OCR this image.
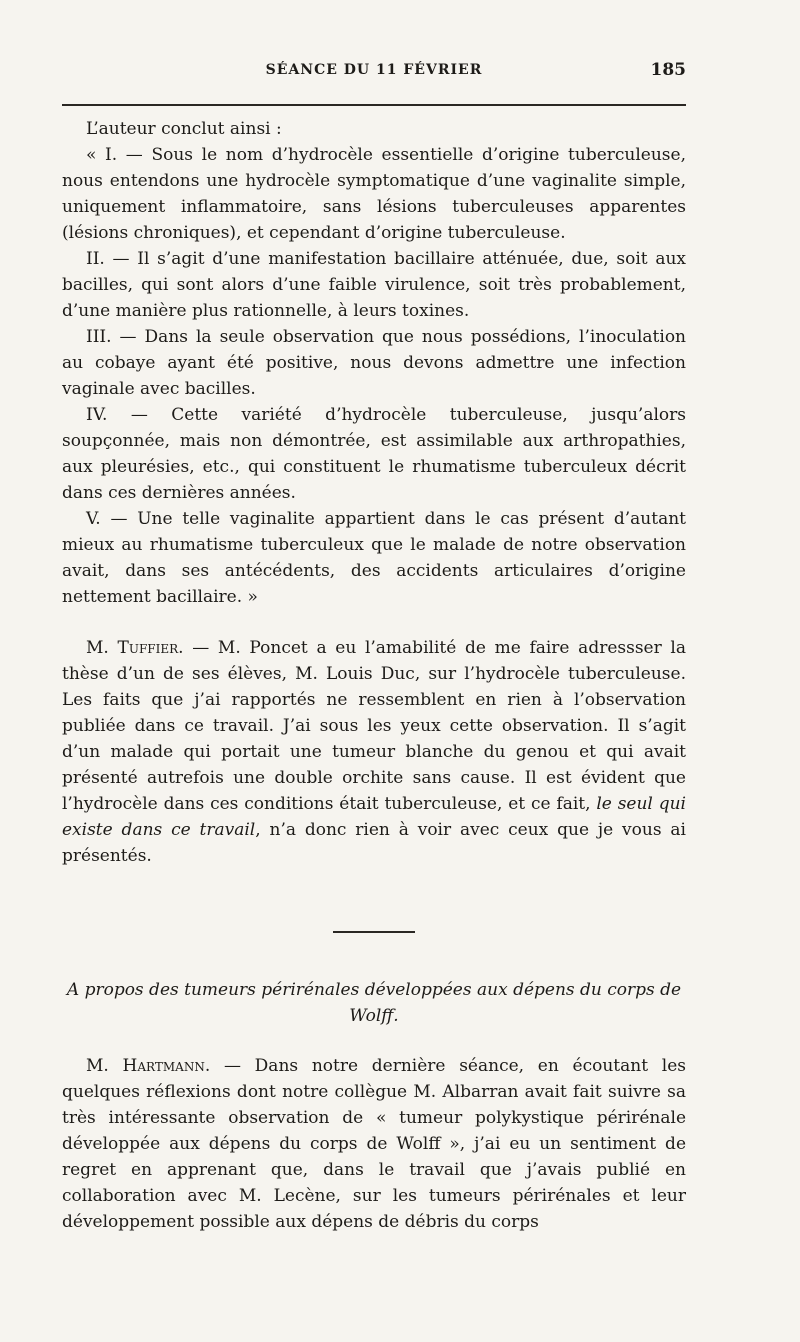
SÉANCE DU 11 FÉVRIER	185

L’auteur conclut ainsi :

« I. — Sous le nom d’hydrocèle essentielle d’origine tuberculeuse, nous entendons une hydrocèle symptomatique d’une vaginalite simple, uniquement inflammatoire, sans lésions tuberculeuses apparentes (lésions chroniques), et cependant d’origine tuberculeuse.

II. — Il s’agit d’une manifestation bacillaire atténuée, due, soit aux bacilles, qui sont alors d’une faible virulence, soit très probablement, d’une manière plus rationnelle, à leurs toxines.

III. — Dans la seule observation que nous possédions, l’inoculation au cobaye ayant été positive, nous devons admettre une infection vaginale avec bacilles.

IV. — Cette variété d’hydrocèle tuberculeuse, jusqu’alors soupçonnée, mais non démontrée, est assimilable aux arthropathies, aux pleurésies, etc., qui constituent le rhumatisme tuberculeux décrit dans ces dernières années.

V. — Une telle vaginalite appartient dans le cas présent d’autant mieux au rhumatisme tuberculeux que le malade de notre observation avait, dans ses antécédents, des accidents articulaires d’origine nettement bacillaire. »

M. Tuffier. — M. Poncet a eu l’amabilité de me faire adressser la thèse d’un de ses élèves, M. Louis Duc, sur l’hydrocèle tuberculeuse. Les faits que j’ai rapportés ne ressemblent en rien à l’observation publiée dans ce travail. J’ai sous les yeux cette observation. Il s’agit d’un malade qui portait une tumeur blanche du genou et qui avait présenté autrefois une double orchite sans cause. Il est évident que l’hydrocèle dans ces conditions était tuberculeuse, et ce fait, le seul qui existe dans ce travail, n’a donc rien à voir avec ceux que je vous ai présentés.

A propos des tumeurs périrénales développées aux dépens du corps de Wolff.

M. Hartmann. — Dans notre dernière séance, en écoutant les quelques réflexions dont notre collègue M. Albarran avait fait suivre sa très intéressante observation de « tumeur polykystique périrénale développée aux dépens du corps de Wolff », j’ai eu un sentiment de regret en apprenant que, dans le travail que j’avais publié en collaboration avec M. Lecène, sur les tumeurs périrénales et leur développement possible aux dépens de débris du corps
